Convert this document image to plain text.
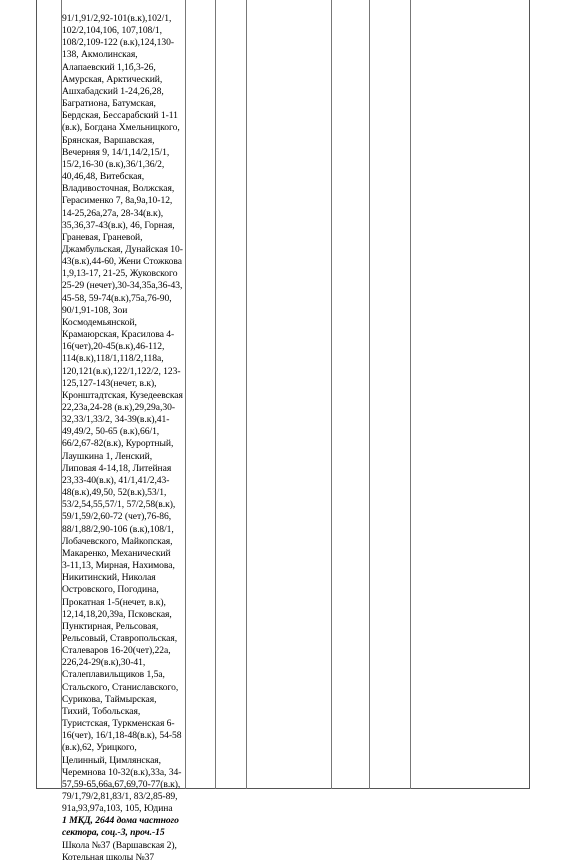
91/1,91/2,92-101(в.к),102/1,
102/2,104,106, 107,108/1,
108/2,109-122 (в.к),124,130-
138, Акмолинская,
Алапаевский 1,1б,3-26,
Амурская, Арктический,
Ашхабадский 1-24,26,28,
Багратиона, Батумская,
Бердская, Бессарабский 1-11
(в.к), Богдана Хмельницкого,
Брянская, Варшавская,
Вечерняя 9, 14/1,14/2,15/1,
15/2,16-30 (в.к),36/1,36/2,
40,46,48, Витебская,
Владивосточная, Волжская,
Герасименко 7, 8а,9а,10-12,
14-25,26а,27а, 28-34(в.к),
35,36,37-43(в.к), 46, Горная,
Граневая, Граневой,
Джамбульская, Дунайская 10-
43(в.к),44-60, Жени Стожкова
1,9,13-17, 21-25, Жуковского
25-29 (нечет),30-34,35а,36-43,
45-58, 59-74(в.к),75а,76-90,
90/1,91-108, Зои
Космодемьянской,
Крамаюрская, Красилова 4-
16(чет),20-45(в.к),46-112,
114(в.к),118/1,118/2,118а,
120,121(в.к),122/1,122/2, 123-
125,127-143(нечет, в.к),
Кронштадтская, Кузедеевская
22,23а,24-28 (в.к),29,29а,30-
32,33/1,33/2, 34-39(в.к),41-
49,49/2, 50-65 (в.к),66/1,
66/2,67-82(в.к), Курортный,
Лаушкина 1, Ленский,
Липовая 4-14,18, Литейная
23,33-40(в.к), 41/1,41/2,43-
48(в.к),49,50, 52(в.к),53/1,
53/2,54,55,57/1, 57/2,58(в.к),
59/1,59/2,60-72 (чет),76-86,
88/1,88/2,90-106 (в.к),108/1,
Лобачевского, Майкопская,
Макаренко, Механический
3-11,13, Мирная, Нахимова,
Никитинский, Николая
Островского, Погодина,
Прокатная 1-5(нечет, в.к),
12,14,18,20,39а, Псковская,
Пунктирная, Рельсовая,
Рельсовый, Ставропольская,
Сталеваров 16-20(чет),22а,
226,24-29(в.к),30-41,
Сталеплавильщиков 1,5а,
Стальского, Станиславского,
Сурикова, Таймырская,
Тихий, Тобольская,
Туристская, Туркменская 6-
16(чет), 16/1,18-48(в.к), 54-58
(в.к),62, Урицкого,
Целинный, Цимлянская,
Черемнова 10-32(в.к),33а, 34-
57,59-65,66а,67,69,70-77(в.к),
79/1,79/2,81,83/1, 83/2,85-89,
91а,93,97а,103, 105, Юдина
1 МКД, 2644 дома частного
сектора, соц.-3, проч.-15
Школа №37 (Варшавская 2),
Котельная школы №37
